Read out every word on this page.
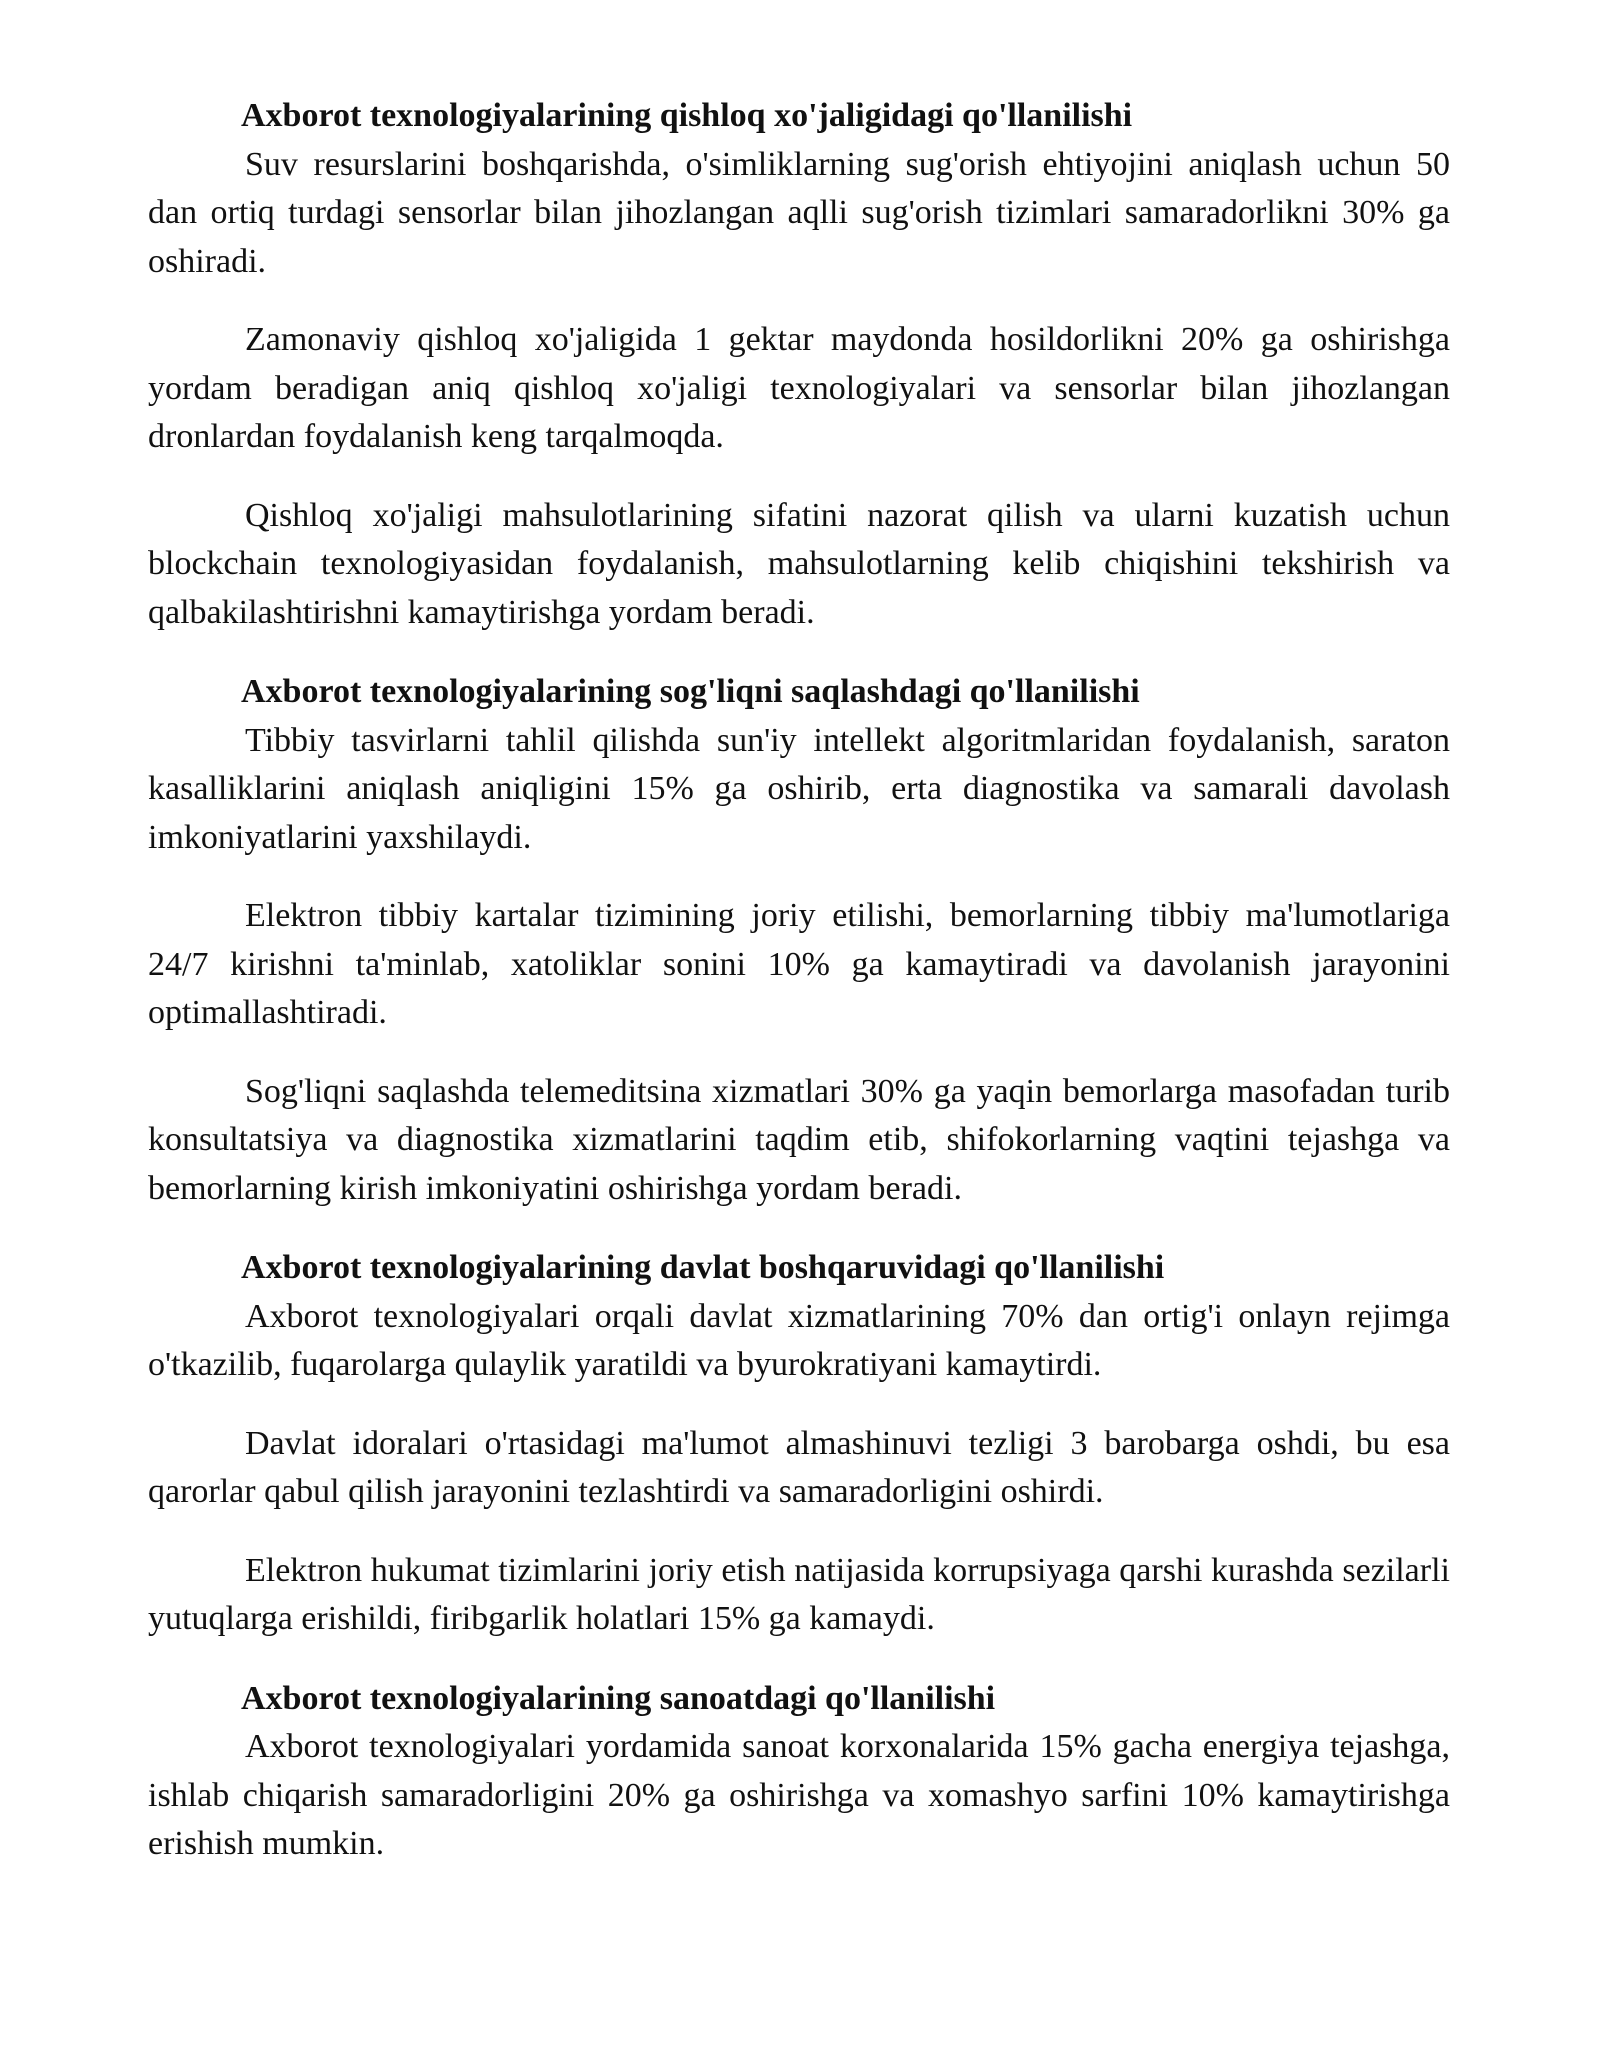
Axborot texnologiyalarining qishloq xo'jaligidagi qo'llanilishi

Suv resurslarini boshqarishda, o'simliklarning sug'orish ehtiyojini aniqlash uchun 50 dan ortiq turdagi sensorlar bilan jihozlangan aqlli sug'orish tizimlari samaradorlikni 30% ga oshiradi.

Zamonaviy qishloq xo'jaligida 1 gektar maydonda hosildorlikni 20% ga oshirishga yordam beradigan aniq qishloq xo'jaligi texnologiyalari va sensorlar bilan jihozlangan dronlardan foydalanish keng tarqalmoqda.

Qishloq xo'jaligi mahsulotlarining sifatini nazorat qilish va ularni kuzatish uchun blockchain texnologiyasidan foydalanish, mahsulotlarning kelib chiqishini tekshirish va qalbakilashtirishni kamaytirishga yordam beradi.

Axborot texnologiyalarining sog'liqni saqlashdagi qo'llanilishi

Tibbiy tasvirlarni tahlil qilishda sun'iy intellekt algoritmlaridan foydalanish, saraton kasalliklarini aniqlash aniqligini 15% ga oshirib, erta diagnostika va samarali davolash imkoniyatlarini yaxshilaydi.

Elektron tibbiy kartalar tizimining joriy etilishi, bemorlarning tibbiy ma'lumotlariga 24/7 kirishni ta'minlab, xatoliklar sonini 10% ga kamaytiradi va davolanish jarayonini optimallashtiradi.

Sog'liqni saqlashda telemeditsina xizmatlari 30% ga yaqin bemorlarga masofadan turib konsultatsiya va diagnostika xizmatlarini taqdim etib, shifokorlarning vaqtini tejashga va bemorlarning kirish imkoniyatini oshirishga yordam beradi.

Axborot texnologiyalarining davlat boshqaruvidagi qo'llanilishi

Axborot texnologiyalari orqali davlat xizmatlarining 70% dan ortig'i onlayn rejimga o'tkazilib, fuqarolarga qulaylik yaratildi va byurokratiyani kamaytirdi.

Davlat idoralari o'rtasidagi ma'lumot almashinuvi tezligi 3 barobarga oshdi, bu esa qarorlar qabul qilish jarayonini tezlashtirdi va samaradorligini oshirdi.

Elektron hukumat tizimlarini joriy etish natijasida korrupsiyaga qarshi kurashda sezilarli yutuqlarga erishildi, firibgarlik holatlari 15% ga kamaydi.

Axborot texnologiyalarining sanoatdagi qo'llanilishi

Axborot texnologiyalari yordamida sanoat korxonalarida 15% gacha energiya tejashga, ishlab chiqarish samaradorligini 20% ga oshirishga va xomashyo sarfini 10% kamaytirishga erishish mumkin.
